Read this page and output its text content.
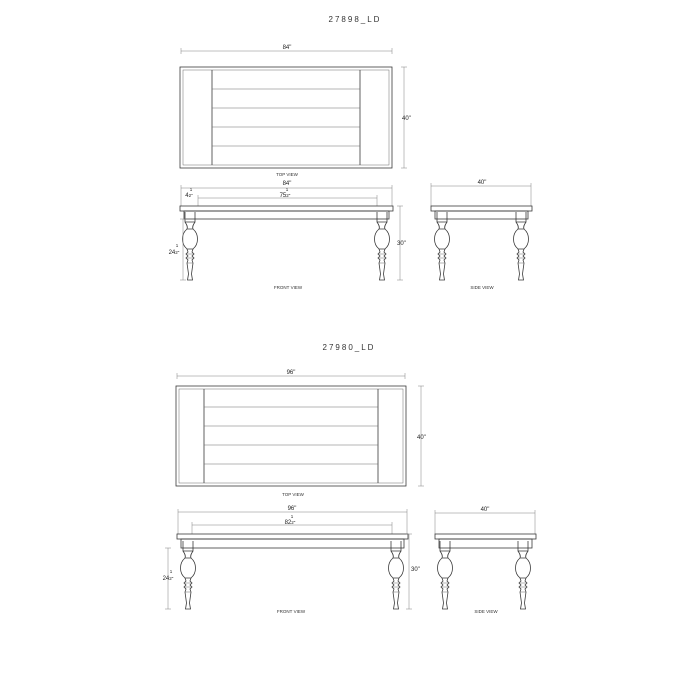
27898_LD
84"
40"
TOP VIEW
84"
1
752"
1
42"
30"
1
242"
FRONT VIEW
40"
SIDE VIEW
27980_LD
96"
40"
TOP VIEW
96"
1
822"
30"
1
242"
FRONT VIEW
40"
SIDE VIEW
